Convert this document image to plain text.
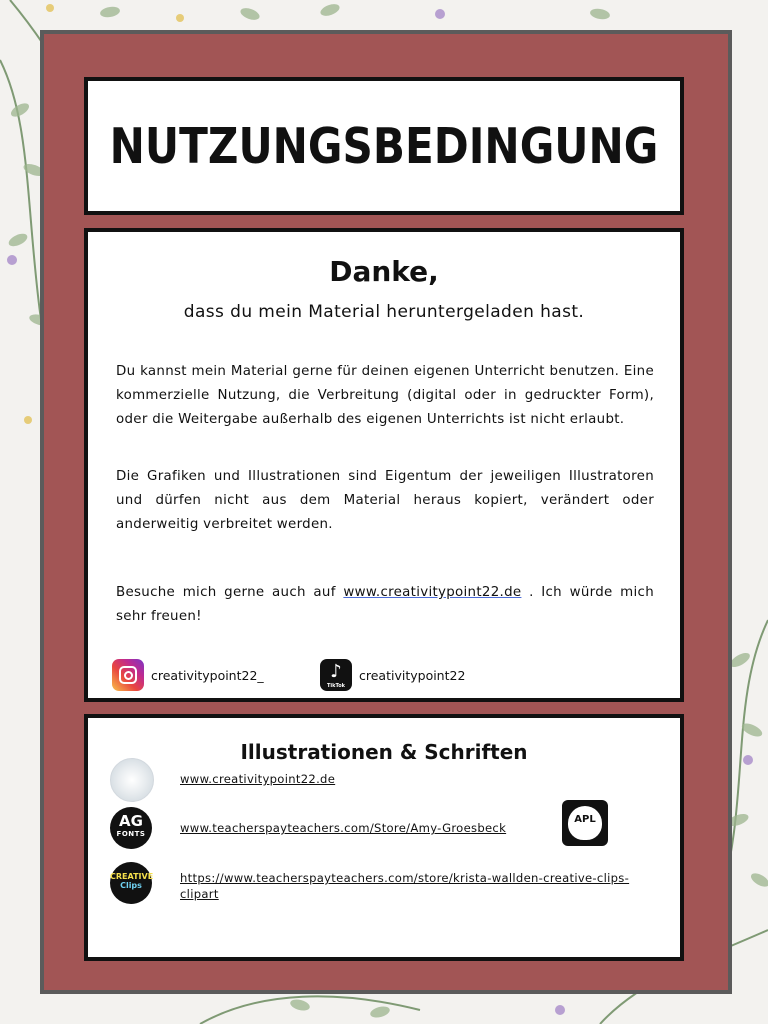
NUTZUNGSBEDINGUNG
Danke,
dass du mein Material heruntergeladen hast.

Du kannst mein Material gerne für deinen eigenen Unterricht benutzen. Eine kommerzielle Nutzung, die Verbreitung (digital oder in gedruckter Form), oder die Weitergabe außerhalb des eigenen Unterrichts ist nicht erlaubt.

Die Grafiken und Illustrationen sind Eigentum der jeweiligen Illustratoren und dürfen nicht aus dem Material heraus kopiert, verändert oder anderweitig verbreitet werden.

Besuche mich gerne auch auf www.creativitypoint22.de . Ich würde mich sehr freuen!

creativitypoint22_	♪
TikTok
creativitypoint22
Illustrationen & Schriften
www.creativitypoint22.de
AG
FONTS	www.teacherspayteachers.com/Store/Amy-Groesbeck
APL
CREATIVE
Clips
https://www.teacherspayteachers.com/store/krista-wallden-creative-clips-clipart
